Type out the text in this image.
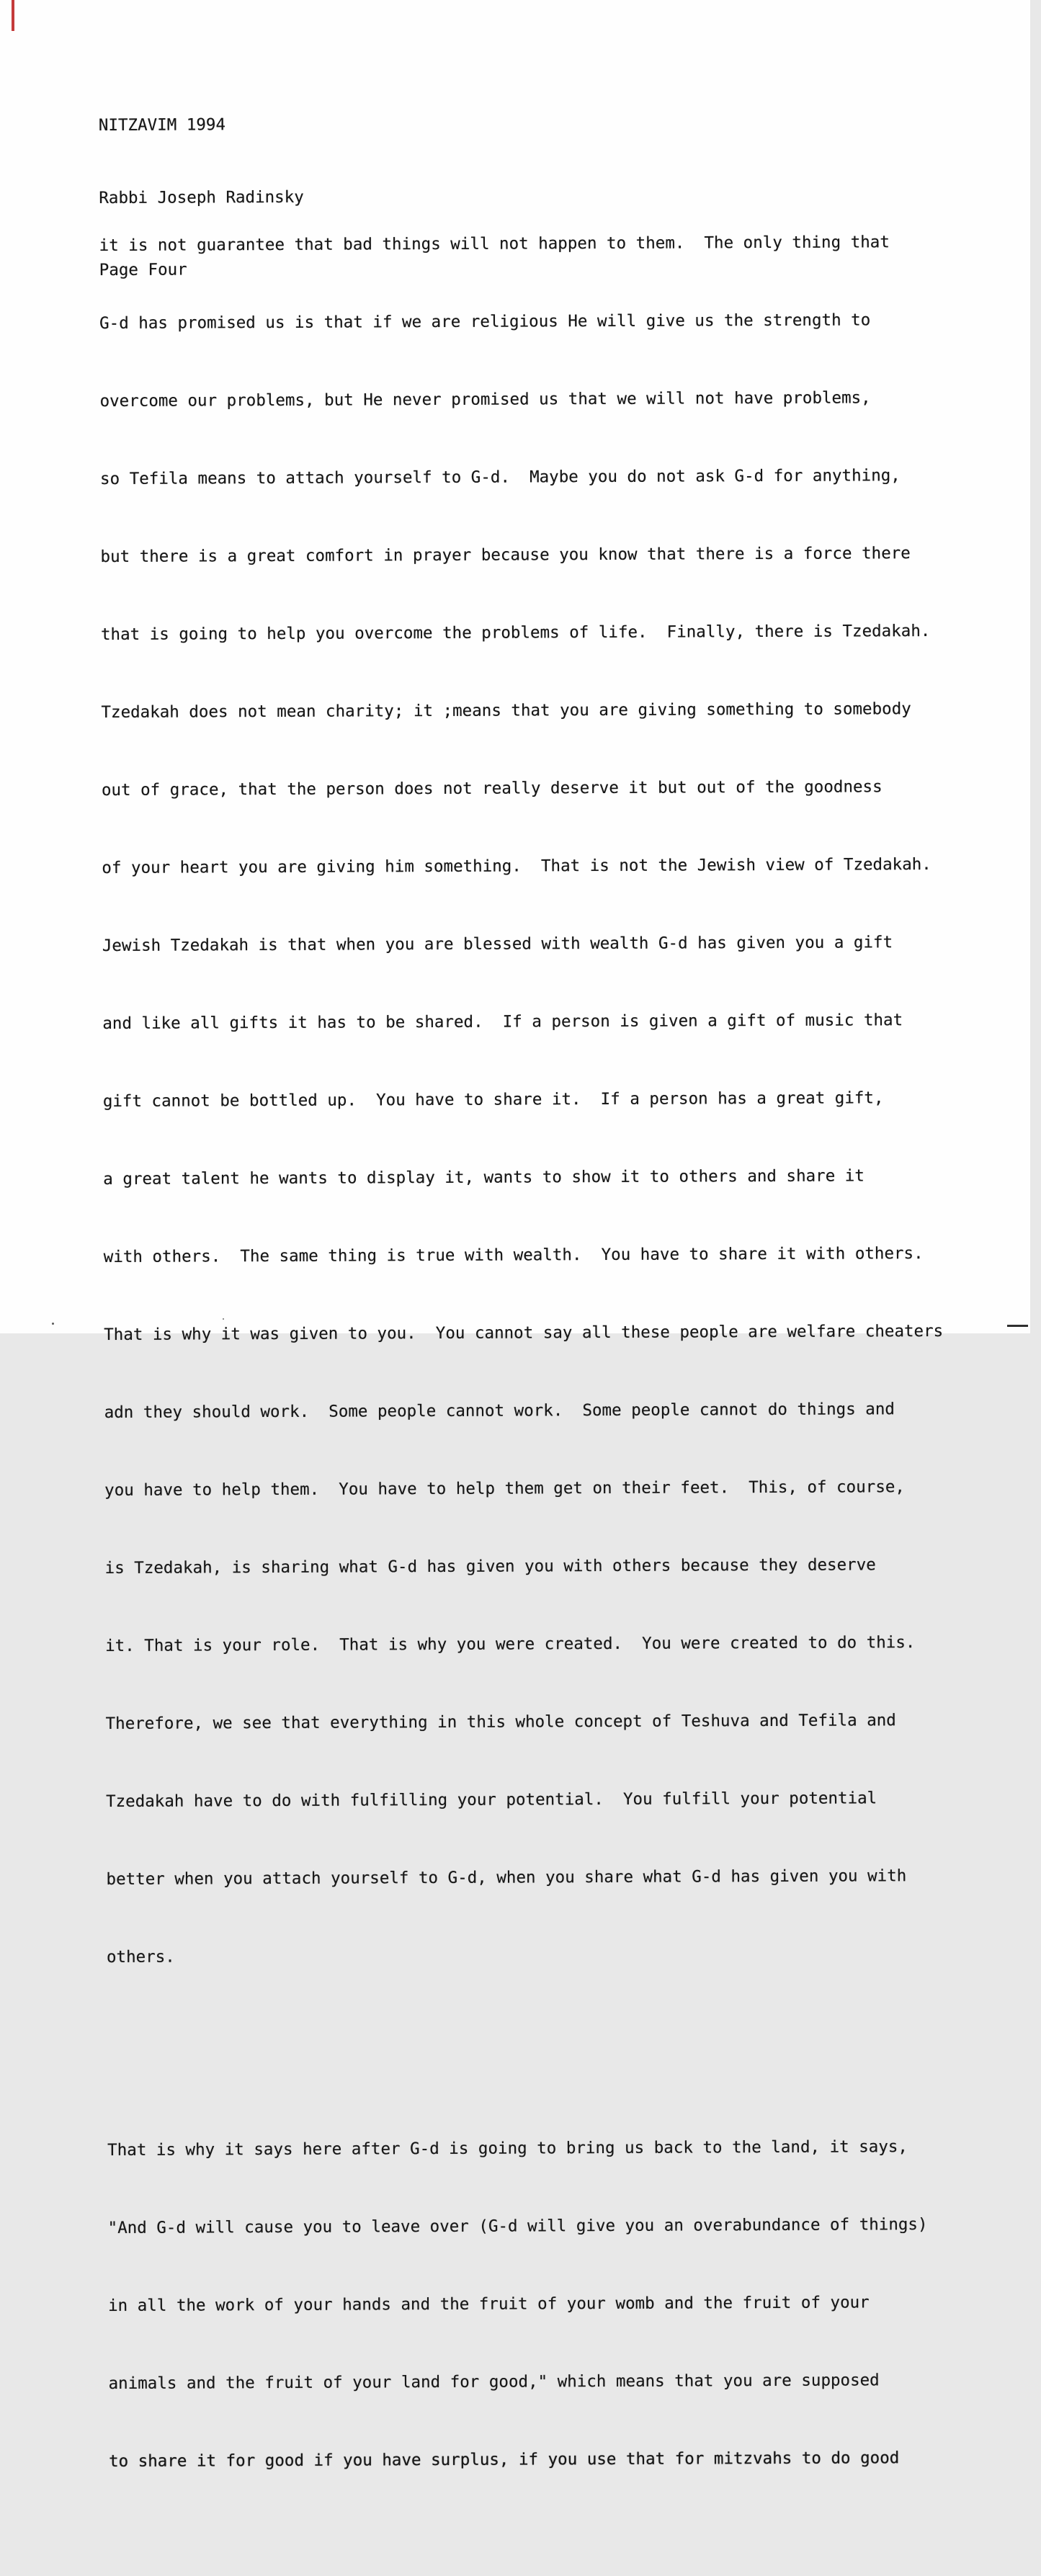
NITZAVIM 1994

Rabbi Joseph Radinsky

Page Four

it is not guarantee that bad things will not happen to them.  The only thing that

G-d has promised us is that if we are religious He will give us the strength to

overcome our problems, but He never promised us that we will not have problems,

so Tefila means to attach yourself to G-d.  Maybe you do not ask G-d for anything,

but there is a great comfort in prayer because you know that there is a force there

that is going to help you overcome the problems of life.  Finally, there is Tzedakah.

Tzedakah does not mean charity; it ;means that you are giving something to somebody

out of grace, that the person does not really deserve it but out of the goodness

of your heart you are giving him something.  That is not the Jewish view of Tzedakah.

Jewish Tzedakah is that when you are blessed with wealth G-d has given you a gift

and like all gifts it has to be shared.  If a person is given a gift of music that

gift cannot be bottled up.  You have to share it.  If a person has a great gift,

a great talent he wants to display it, wants to show it to others and share it

with others.  The same thing is true with wealth.  You have to share it with others.

That is why it was given to you.  You cannot say all these people are welfare cheaters

adn they should work.  Some people cannot work.  Some people cannot do things and

you have to help them.  You have to help them get on their feet.  This, of course,

is Tzedakah, is sharing what G-d has given you with others because they deserve

it. That is your role.  That is why you were created.  You were created to do this.

Therefore, we see that everything in this whole concept of Teshuva and Tefila and

Tzedakah have to do with fulfilling your potential.  You fulfill your potential

better when you attach yourself to G-d, when you share what G-d has given you with

others.

That is why it says here after G-d is going to bring us back to the land, it says,

"And G-d will cause you to leave over (G-d will give you an overabundance of things)

in all the work of your hands and the fruit of your womb and the fruit of your

animals and the fruit of your land for good," which means that you are supposed

to share it for good if you have surplus, if you use that for mitzvahs to do good
